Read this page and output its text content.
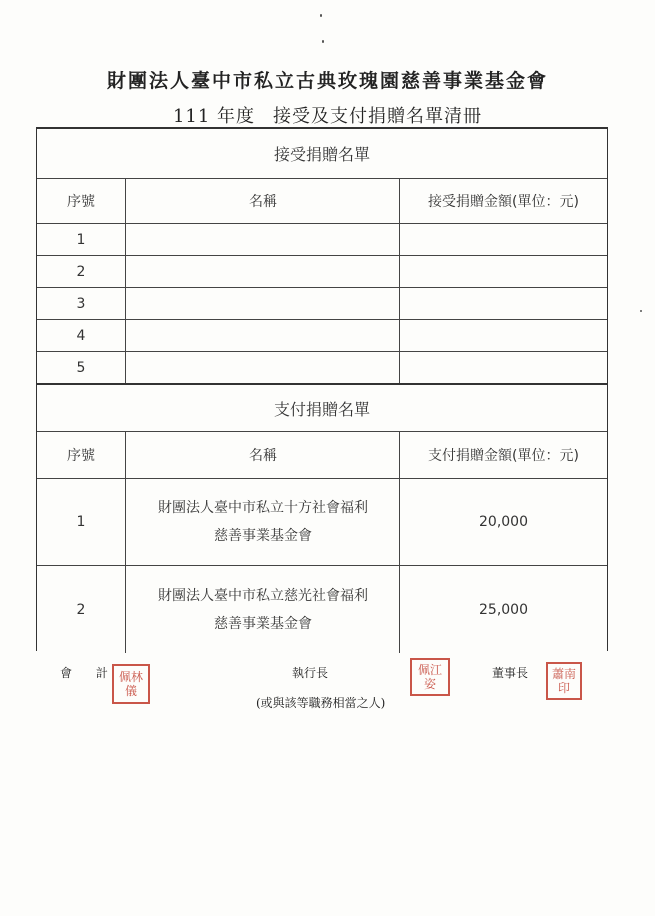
財團法人臺中市私立古典玫瑰園慈善事業基金會
111 年度 接受及支付捐贈名單清冊
接受捐贈名單
序號	名稱	接受捐贈金額(單位：元)
1
2
3
4
5
支付捐贈名單
序號	名稱	支付捐贈金額(單位：元)
1
財團法人臺中市私立十方社會福利
慈善事業基金會
20,000
2
財團法人臺中市私立慈光社會福利
慈善事業基金會
25,000
會 計 佩林
儀
執行長	佩江
姿
(或與該等職務相當之人)
董事長	蕭南
印
